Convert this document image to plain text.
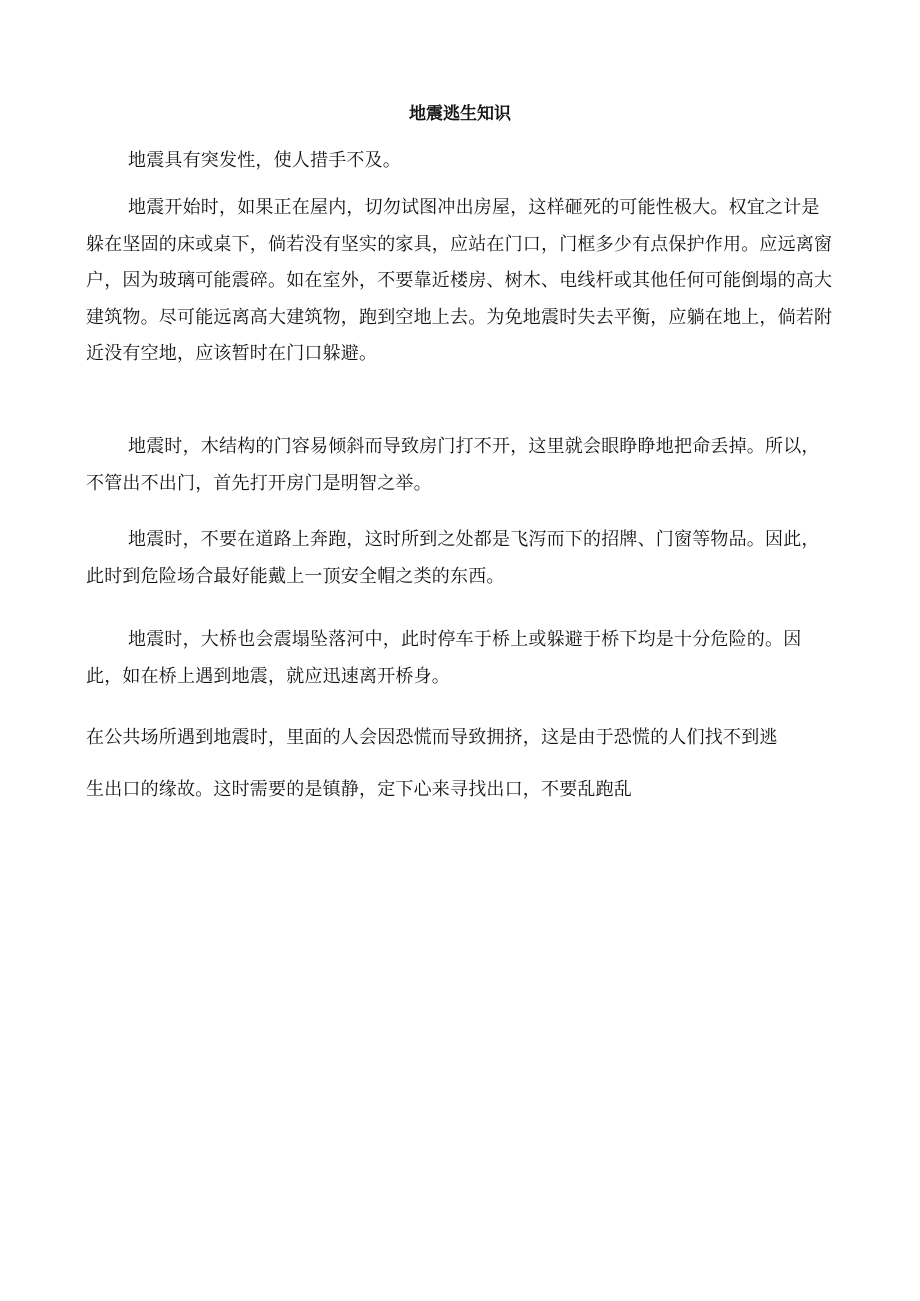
地震逃生知识

地震具有突发性，使人措手不及。

地震开始时，如果正在屋内，切勿试图冲出房屋，这样砸死的可能性极大。权宜之计是躲在坚固的床或桌下，倘若没有坚实的家具，应站在门口，门框多少有点保护作用。应远离窗户，因为玻璃可能震碎。如在室外，不要靠近楼房、树木、电线杆或其他任何可能倒塌的高大建筑物。尽可能远离高大建筑物，跑到空地上去。为免地震时失去平衡，应躺在地上，倘若附近没有空地，应该暂时在门口躲避。

地震时，木结构的门容易倾斜而导致房门打不开，这里就会眼睁睁地把命丢掉。所以，不管出不出门，首先打开房门是明智之举。

地震时，不要在道路上奔跑，这时所到之处都是飞泻而下的招牌、门窗等物品。因此，此时到危险场合最好能戴上一顶安全帽之类的东西。

地震时，大桥也会震塌坠落河中，此时停车于桥上或躲避于桥下均是十分危险的。因此，如在桥上遇到地震，就应迅速离开桥身。

在公共场所遇到地震时，里面的人会因恐慌而导致拥挤，这是由于恐慌的人们找不到逃生出口的缘故。这时需要的是镇静，定下心来寻找出口，不要乱跑乱
